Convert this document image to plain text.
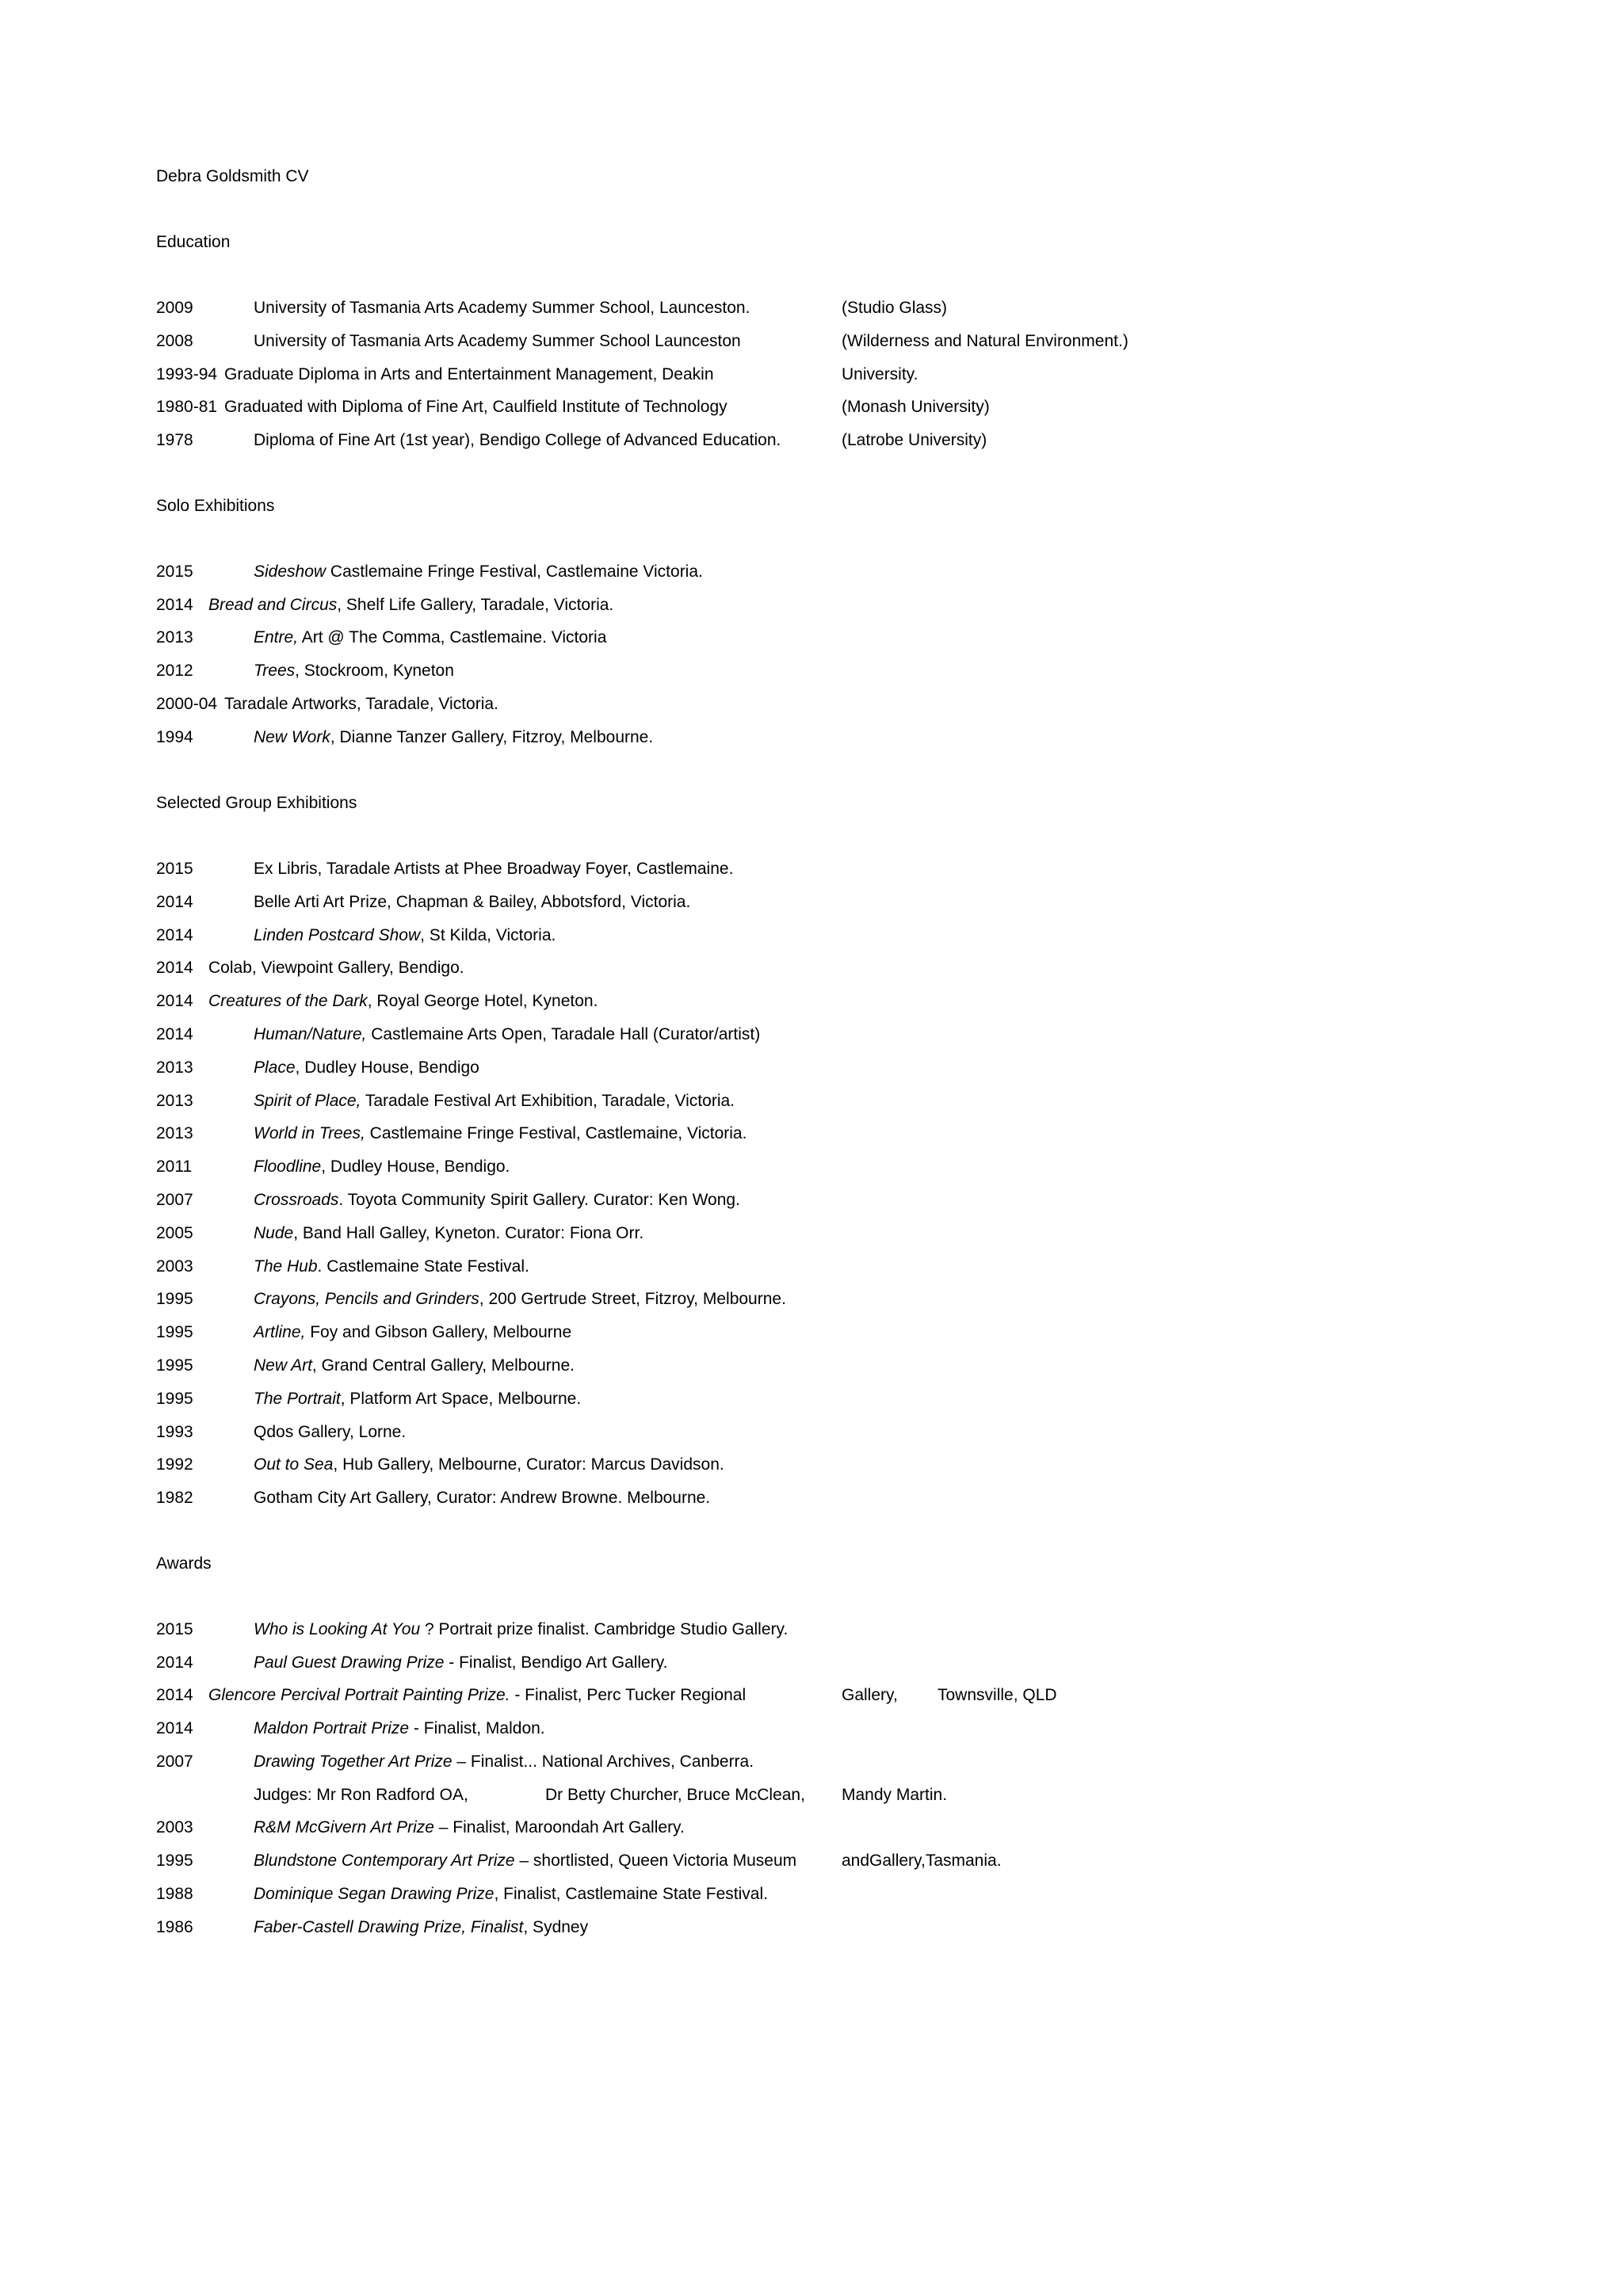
Debra Goldsmith CV
Education
2009	University of Tasmania Arts Academy Summer School, Launceston.	(Studio Glass)
2008	University of Tasmania Arts Academy Summer School Launceston	(Wilderness and Natural Environment.)
1993-94 Graduate Diploma in Arts and Entertainment Management, Deakin	University.
1980-81 Graduated with Diploma of Fine Art, Caulfield Institute of Technology	(Monash University)
1978	Diploma of Fine Art (1st year), Bendigo College of Advanced Education.	(Latrobe University)
Solo Exhibitions
2015	Sideshow Castlemaine Fringe Festival, Castlemaine Victoria.
2014 Bread and Circus, Shelf Life Gallery, Taradale, Victoria.
2013	Entre, Art @ The Comma, Castlemaine. Victoria
2012	Trees, Stockroom, Kyneton
2000-04 Taradale Artworks, Taradale, Victoria.
1994	New Work, Dianne Tanzer Gallery, Fitzroy, Melbourne.
Selected Group Exhibitions
2015	Ex Libris, Taradale Artists at Phee Broadway Foyer, Castlemaine.
2014	Belle Arti Art Prize, Chapman & Bailey, Abbotsford, Victoria.
2014	Linden Postcard Show, St Kilda, Victoria.
2014 Colab, Viewpoint Gallery, Bendigo.
2014 Creatures of the Dark, Royal George Hotel, Kyneton.
2014	Human/Nature, Castlemaine Arts Open, Taradale Hall (Curator/artist)
2013	Place, Dudley House, Bendigo
2013	Spirit of Place, Taradale Festival Art Exhibition, Taradale, Victoria.
2013	World in Trees, Castlemaine Fringe Festival, Castlemaine, Victoria.
2011	Floodline, Dudley House, Bendigo.
2007	Crossroads. Toyota Community Spirit Gallery. Curator: Ken Wong.
2005	Nude, Band Hall Galley, Kyneton. Curator: Fiona Orr.
2003	The Hub. Castlemaine State Festival.
1995	Crayons, Pencils and Grinders, 200 Gertrude Street, Fitzroy, Melbourne.
1995	Artline, Foy and Gibson Gallery, Melbourne
1995	New Art, Grand Central Gallery, Melbourne.
1995	The Portrait, Platform Art Space, Melbourne.
1993	Qdos Gallery, Lorne.
1992	Out to Sea, Hub Gallery, Melbourne, Curator: Marcus Davidson.
1982	Gotham City Art Gallery, Curator: Andrew Browne. Melbourne.
Awards
2015	Who is Looking At You ? Portrait prize finalist. Cambridge Studio Gallery.
2014	Paul Guest Drawing Prize - Finalist, Bendigo Art Gallery.
2014 Glencore Percival Portrait Painting Prize. - Finalist, Perc Tucker Regional	Gallery, Townsville, QLD
2014	Maldon Portrait Prize - Finalist, Maldon.
2007	Drawing Together Art Prize – Finalist... National Archives, Canberra.
Judges: Mr Ron Radford OA,	Dr Betty Churcher, Bruce McClean, Mandy Martin.
2003	R&M McGivern Art Prize – Finalist, Maroondah Art Gallery.
1995	Blundstone Contemporary Art Prize – shortlisted, Queen Victoria Museum	andGallery,Tasmania.
1988	Dominique Segan Drawing Prize, Finalist, Castlemaine State Festival.
1986	Faber-Castell Drawing Prize, Finalist, Sydney
